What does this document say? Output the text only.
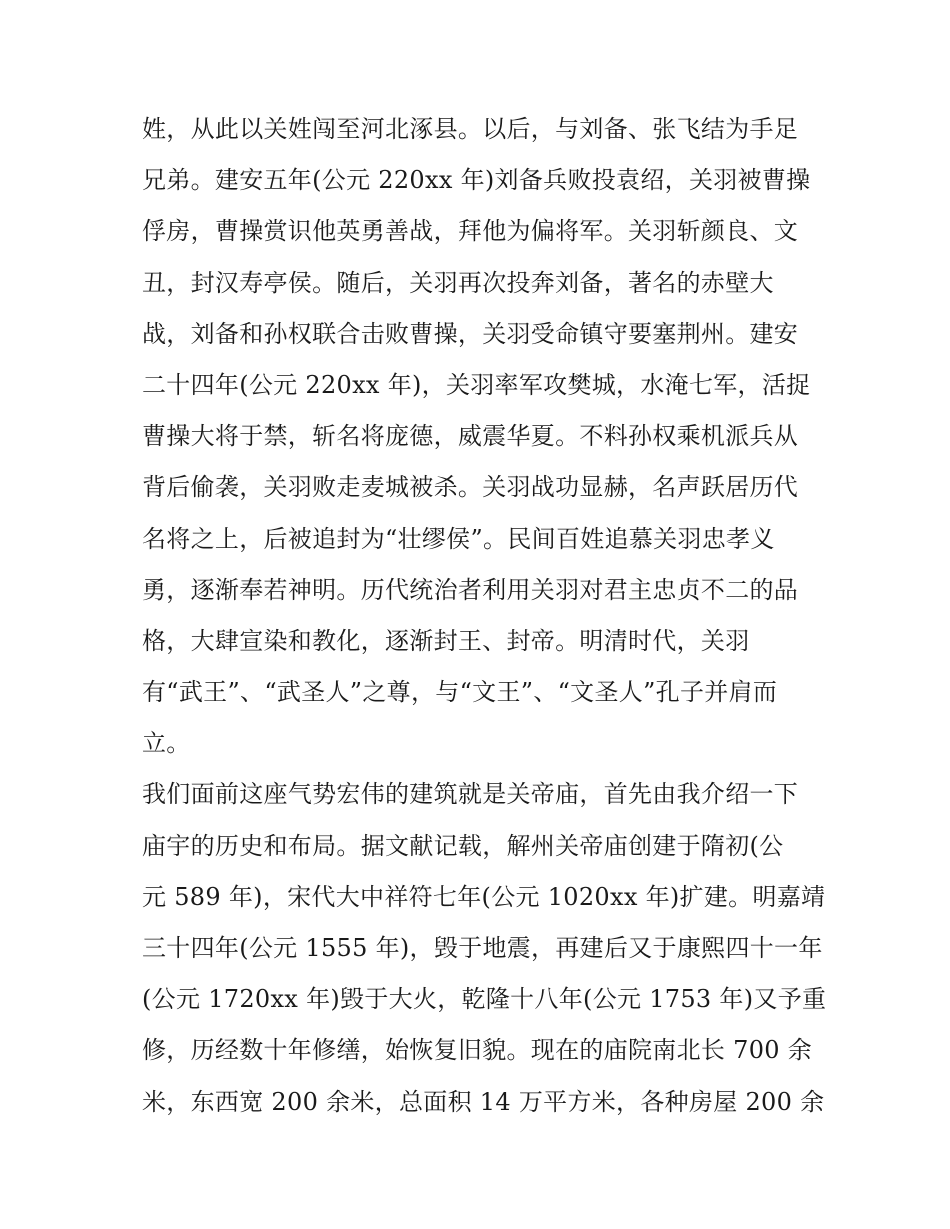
姓，从此以关姓闯至河北涿县。以后，与刘备、张飞结为手足
兄弟。建安五年(公元 220xx 年)刘备兵败投袁绍，关羽被曹操
俘房，曹操赏识他英勇善战，拜他为偏将军。关羽斩颜良、文
丑，封汉寿亭侯。随后，关羽再次投奔刘备，著名的赤壁大
战，刘备和孙权联合击败曹操，关羽受命镇守要塞荆州。建安
二十四年(公元 220xx 年)，关羽率军攻樊城，水淹七军，活捉
曹操大将于禁，斩名将庞德，威震华夏。不料孙权乘机派兵从
背后偷袭，关羽败走麦城被杀。关羽战功显赫，名声跃居历代
名将之上，后被追封为“壮缪侯”。民间百姓追慕关羽忠孝义
勇，逐渐奉若神明。历代统治者利用关羽对君主忠贞不二的品
格，大肆宣染和教化，逐渐封王、封帝。明清时代，关羽
有“武王”、“武圣人”之尊，与“文王”、“文圣人”孔子并肩而
立。
我们面前这座气势宏伟的建筑就是关帝庙，首先由我介绍一下
庙宇的历史和布局。据文献记载，解州关帝庙创建于隋初(公
元 589 年)，宋代大中祥符七年(公元 1020xx 年)扩建。明嘉靖
三十四年(公元 1555 年)，毁于地震，再建后又于康熙四十一年
(公元 1720xx 年)毁于大火，乾隆十八年(公元 1753 年)又予重
修，历经数十年修缮，始恢复旧貌。现在的庙院南北长 700 余
米，东西宽 200 余米，总面积 14 万平方米，各种房屋 200 余
